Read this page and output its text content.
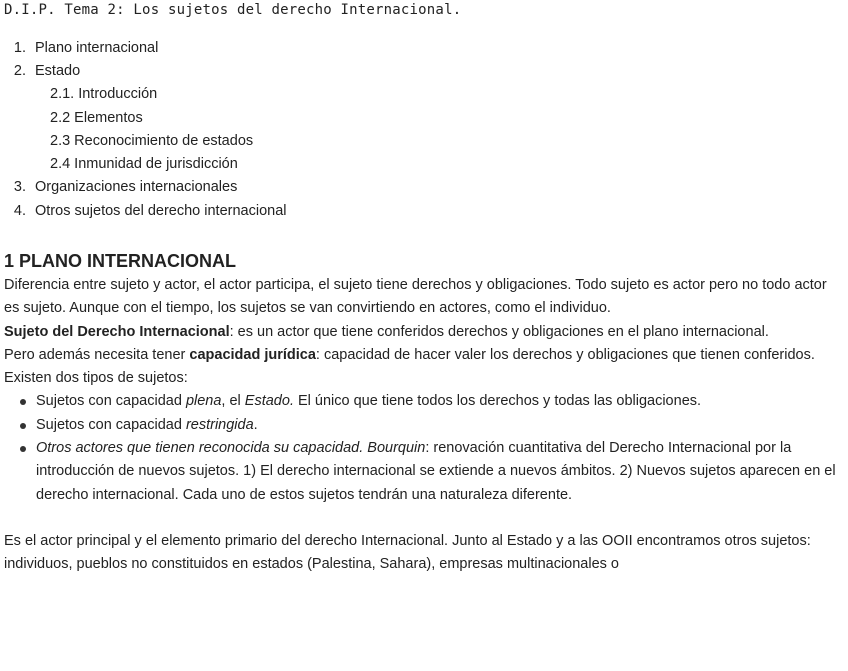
D.I.P. Tema 2: Los sujetos del derecho Internacional.
1. Plano internacional
2. Estado
2.1. Introducción
2.2 Elementos
2.3 Reconocimiento de estados
2.4 Inmunidad de jurisdicción
3. Organizaciones internacionales
4. Otros sujetos del derecho internacional
1 PLANO INTERNACIONAL

Diferencia entre sujeto y actor, el actor participa, el sujeto tiene derechos y obligaciones. Todo sujeto es actor pero no todo actor es sujeto. Aunque con el tiempo, los sujetos se van convirtiendo en actores, como el individuo.

Sujeto del Derecho Internacional: es un actor que tiene conferidos derechos y obligaciones en el plano internacional.

Pero además necesita tener capacidad jurídica: capacidad de hacer valer los derechos y obligaciones que tienen conferidos.

Existen dos tipos de sujetos:

Sujetos con capacidad plena, el Estado. El único que tiene todos los derechos y todas las obligaciones.
Sujetos con capacidad restringida.
Otros actores que tienen reconocida su capacidad. Bourquin: renovación cuantitativa del Derecho Internacional por la introducción de nuevos sujetos. 1) El derecho internacional se extiende a nuevos ámbitos. 2) Nuevos sujetos aparecen en el derecho internacional. Cada uno de estos sujetos tendrán una naturaleza diferente.

Es el actor principal y el elemento primario del derecho Internacional. Junto al Estado y a las OOII encontramos otros sujetos: individuos, pueblos no constituidos en estados (Palestina, Sahara), empresas multinacionales o
